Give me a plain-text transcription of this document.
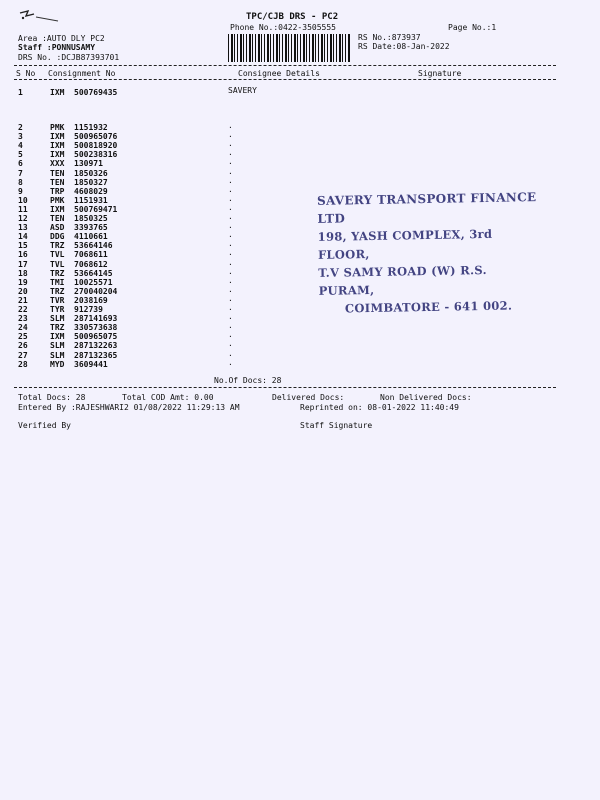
TPC/CJB DRS - PC2
Phone No.:0422-3505555	Page No.:1
Area :AUTO DLY PC2
Staff :PONNUSAMY
DRS No. :DCJB87393701
RS No.:873937
RS Date:08-Jan-2022
S No Consignment No	Consignee Details	Signature
1	IXM 500769435	SAVERY
2	PMK 1151932	·
3	IXM 500965076	·
4	IXM 500818920	·
5	IXM 500238316	·
6	XXX 130971	·
7	TEN 1850326	·
8	TEN 1850327	·
9	TRP 4608029	·
10	PMK 1151931	·
11	IXM 500769471	·
12	TEN 1850325	·
13	ASD 3393765	·
14	DDG 4110661	·
15	TRZ 53664146	·
16	TVL 7068611	·
17	TVL 7068612	·
18	TRZ 53664145	·
19	TMI 10025571	·
20	TRZ 270040204	·
21	TVR 2038169	·
22	TYR 912739	·
23	SLM 287141693	·
24	TRZ 330573638	·
25	IXM 500965075	·
26	SLM 287132263	·
27	SLM 287132365	·
28	MYD 3609441	·
No.Of Docs: 28
SAVERY TRANSPORT FINANCE LTD
198, YASH COMPLEX, 3rd FLOOR,
T.V SAMY ROAD (W) R.S. PURAM,
COIMBATORE - 641 002.
Total Docs: 28	Total COD Amt: 0.00	Delivered Docs:	Non Delivered Docs:
Entered By :RAJESHWARI2 01/08/2022 11:29:13 AM	Reprinted on: 08-01-2022 11:40:49
Verified By	Staff Signature
